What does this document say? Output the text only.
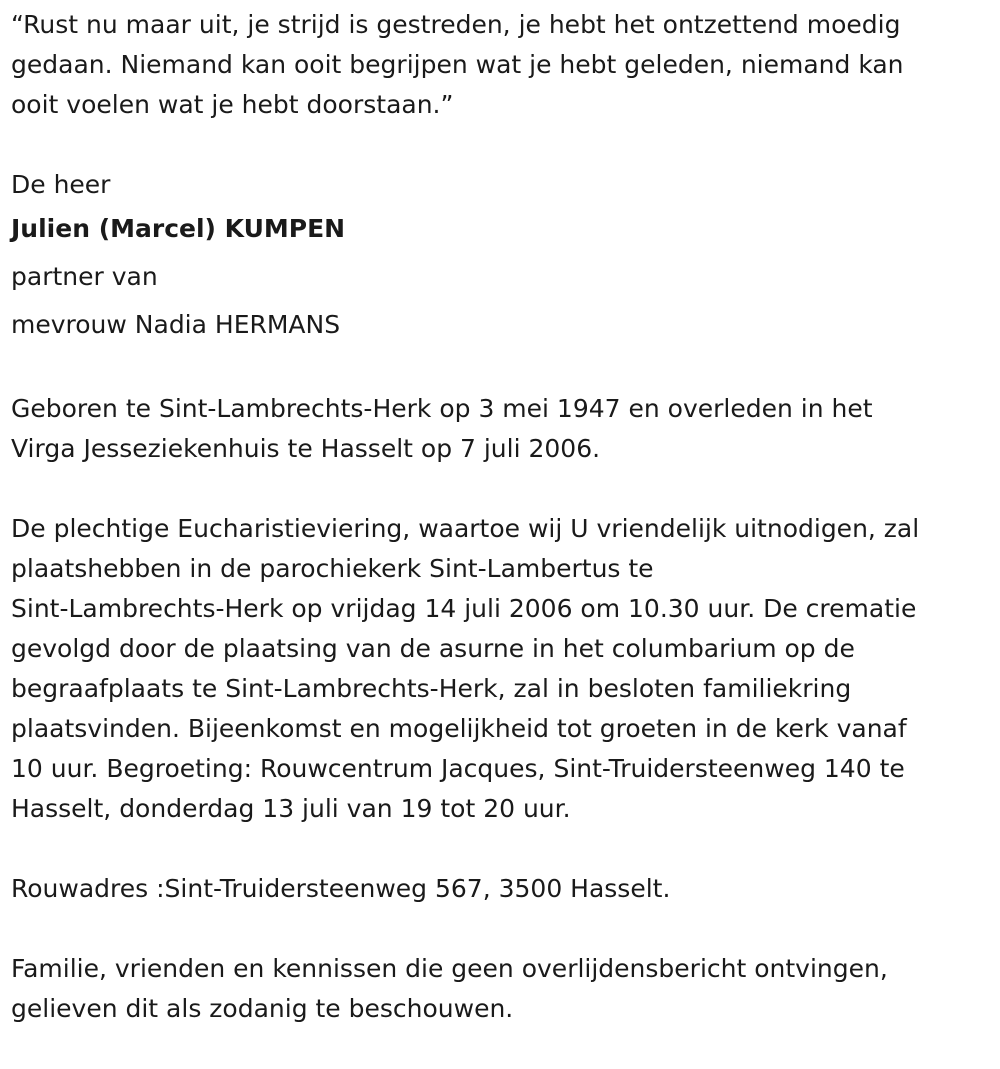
“Rust nu maar uit, je strijd is gestreden, je hebt het ontzettend moedig
gedaan. Niemand kan ooit begrijpen wat je hebt geleden, niemand kan
ooit voelen wat je hebt doorstaan.”

De heer
Julien (Marcel) KUMPEN
partner van
mevrouw Nadia HERMANS

Geboren te Sint-Lambrechts-Herk op 3 mei 1947 en overleden in het
Virga Jesseziekenhuis te Hasselt op 7 juli 2006.

De plechtige Eucharistieviering, waartoe wij U vriendelijk uitnodigen, zal
plaatshebben in de parochiekerk Sint-Lambertus te
Sint-Lambrechts-Herk op vrijdag 14 juli 2006 om 10.30 uur. De crematie
gevolgd door de plaatsing van de asurne in het columbarium op de
begraafplaats te Sint-Lambrechts-Herk, zal in besloten familiekring
plaatsvinden. Bijeenkomst en mogelijkheid tot groeten in de kerk vanaf
10 uur. Begroeting: Rouwcentrum Jacques, Sint-Truidersteenweg 140 te
Hasselt, donderdag 13 juli van 19 tot 20 uur.

Rouwadres :Sint-Truidersteenweg 567, 3500 Hasselt.

Familie, vrienden en kennissen die geen overlijdensbericht ontvingen,
gelieven dit als zodanig te beschouwen.
